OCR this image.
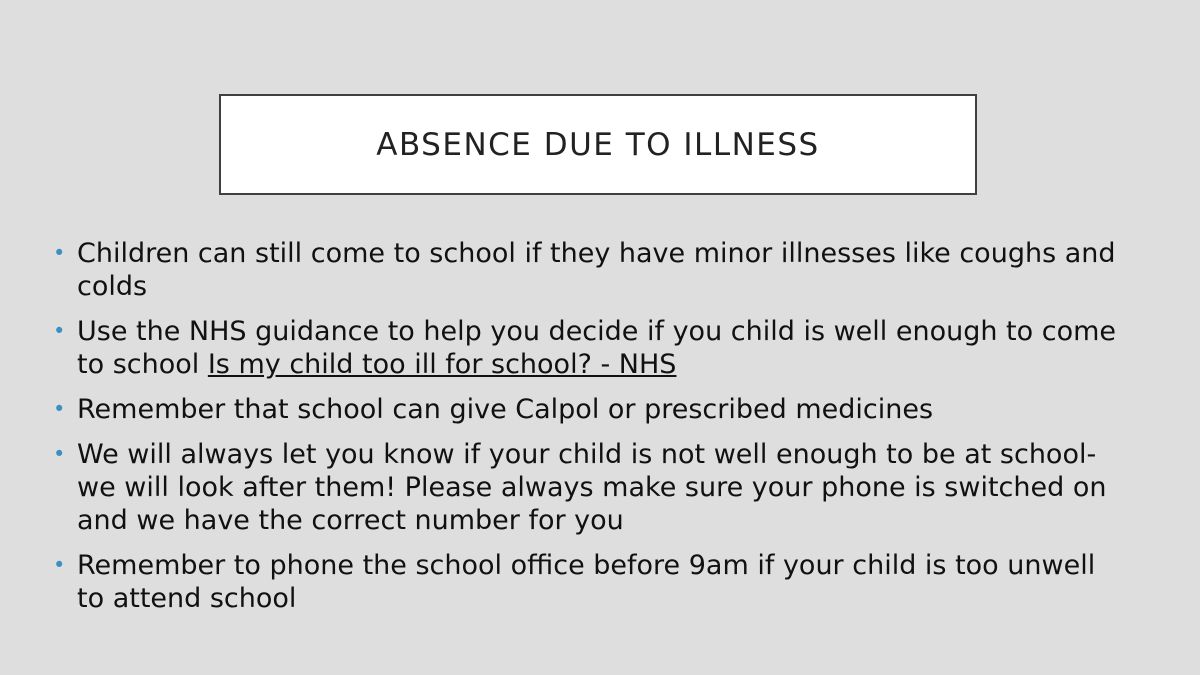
ABSENCE DUE TO ILLNESS
• Children can still come to school if they have minor illnesses like coughs and colds
• Use the NHS guidance to help you decide if you child is well enough to come to school Is my child too ill for school? - NHS
• Remember that school can give Calpol or prescribed medicines
• We will always let you know if your child is not well enough to be at school- we will look after them! Please always make sure your phone is switched on and we have the correct number for you
• Remember to phone the school office before 9am if your child is too unwell to attend school
